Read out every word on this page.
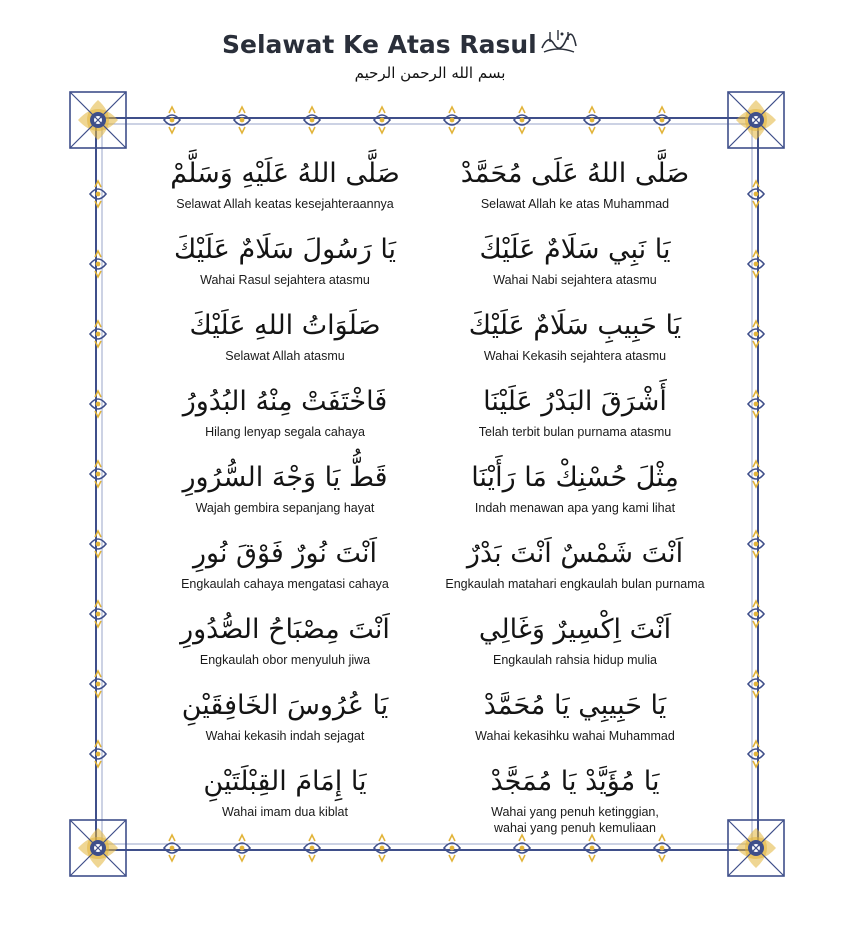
Selawat Ke Atas Rasul
بسم الله الرحمن الرحيم
صَلَّى اللهُ عَلَى مُحَمَّدْ
Selawat Allah ke atas Muhammad
صَلَّى اللهُ عَلَيْهِ وَسَلَّمْ
Selawat Allah keatas kesejahteraannya
يَا نَبِي سَلَامٌ عَلَيْكَ
Wahai Nabi sejahtera atasmu
يَا رَسُولَ سَلَامٌ عَلَيْكَ
Wahai Rasul sejahtera atasmu
يَا حَبِيبِ سَلَامٌ عَلَيْكَ
Wahai Kekasih sejahtera atasmu
صَلَوَاتُ اللهِ عَلَيْكَ
Selawat Allah atasmu
أَشْرَقَ البَدْرُ عَلَيْنَا
Telah terbit bulan purnama atasmu
فَاخْتَفَتْ مِنْهُ البُدُورُ
Hilang lenyap segala cahaya
مِثْلَ حُسْنِكْ مَا رَأَيْنَا
Indah menawan apa yang kami lihat
قَطُّ يَا وَجْهَ السُّرُورِ
Wajah gembira sepanjang hayat
اَنْتَ شَمْسٌ اَنْتَ بَدْرٌ
Engkaulah matahari engkaulah bulan purnama
اَنْتَ نُورٌ فَوْقَ نُورِ
Engkaulah cahaya mengatasi cahaya
اَنْتَ اِكْسِيرٌ وَغَالِي
Engkaulah rahsia hidup mulia
اَنْتَ مِصْبَاحُ الصُّدُورِ
Engkaulah obor menyuluh jiwa
يَا حَبِيبِي يَا مُحَمَّدْ
Wahai kekasihku wahai Muhammad
يَا عُرُوسَ الخَافِقَيْنِ
Wahai kekasih indah sejagat
يَا مُؤَيَّدْ يَا مُمَجَّدْ
Wahai yang penuh ketinggian,
wahai yang penuh kemuliaan
يَا إِمَامَ القِبْلَتَيْنِ
Wahai imam dua kiblat
